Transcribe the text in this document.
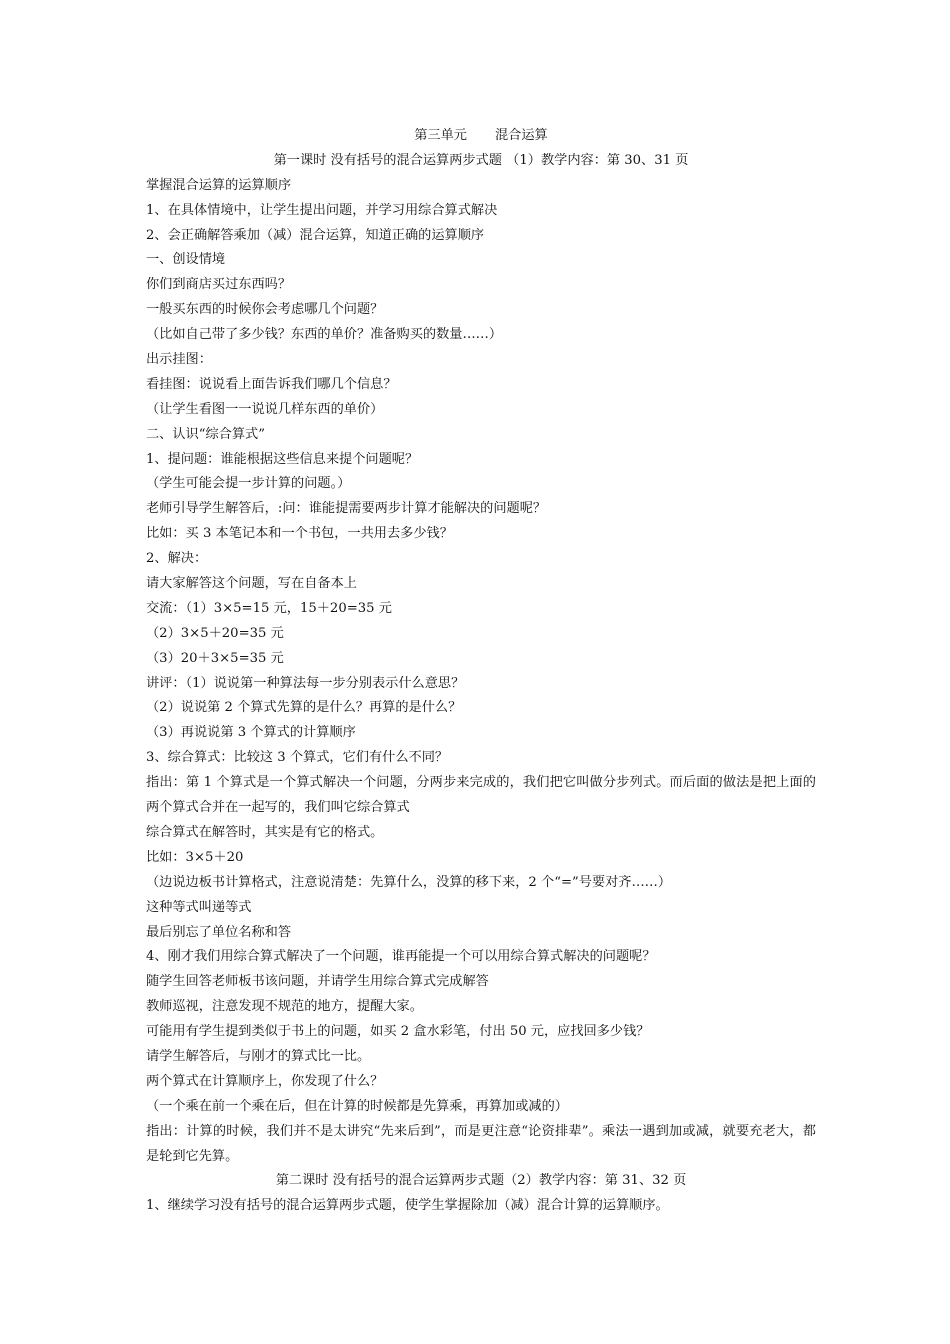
第三单元 混合运算
第一课时 没有括号的混合运算两步式题 （1）教学内容：第 30、31 页
掌握混合运算的运算顺序
1、在具体情境中，让学生提出问题，并学习用综合算式解决
2、会正确解答乘加（减）混合运算，知道正确的运算顺序
一、创设情境
你们到商店买过东西吗？
一般买东西的时候你会考虑哪几个问题？
（比如自己带了多少钱？东西的单价？准备购买的数量……）
出示挂图：
看挂图：说说看上面告诉我们哪几个信息？
（让学生看图一一说说几样东西的单价）
二、认识“综合算式”
1、提问题：谁能根据这些信息来提个问题呢？
（学生可能会提一步计算的问题。）
老师引导学生解答后，:问：谁能提需要两步计算才能解决的问题呢？
比如：买 3 本笔记本和一个书包，一共用去多少钱？
2、解决：
请大家解答这个问题，写在自备本上
交流：（1）3×5=15 元，15＋20=35 元
（2）3×5＋20=35 元
（3）20＋3×5=35 元
讲评：（1）说说第一种算法每一步分别表示什么意思？
（2）说说第 2 个算式先算的是什么？再算的是什么？
（3）再说说第 3 个算式的计算顺序
3、综合算式：比较这 3 个算式，它们有什么不同？
指出：第 1 个算式是一个算式解决一个问题，分两步来完成的，我们把它叫做分步列式。而后面的做法是把上面的两个算式合并在一起写的，我们叫它综合算式
综合算式在解答时，其实是有它的格式。
比如：3×5＋20
（边说边板书计算格式，注意说清楚：先算什么，没算的移下来，2 个“=”号要对齐……）
这种等式叫递等式
最后别忘了单位名称和答
4、刚才我们用综合算式解决了一个问题，谁再能提一个可以用综合算式解决的问题呢？
随学生回答老师板书该问题，并请学生用综合算式完成解答
教师巡视，注意发现不规范的地方，提醒大家。
可能用有学生提到类似于书上的问题，如买 2 盒水彩笔，付出 50 元，应找回多少钱？
请学生解答后，与刚才的算式比一比。
两个算式在计算顺序上，你发现了什么？
（一个乘在前一个乘在后，但在计算的时候都是先算乘，再算加或减的）
指出：计算的时候，我们并不是太讲究“先来后到”，而是更注意“论资排辈”。乘法一遇到加或减，就要充老大，都是轮到它先算。
第二课时 没有括号的混合运算两步式题（2）教学内容：第 31、32 页
1、继续学习没有括号的混合运算两步式题，使学生掌握除加（减）混合计算的运算顺序。
